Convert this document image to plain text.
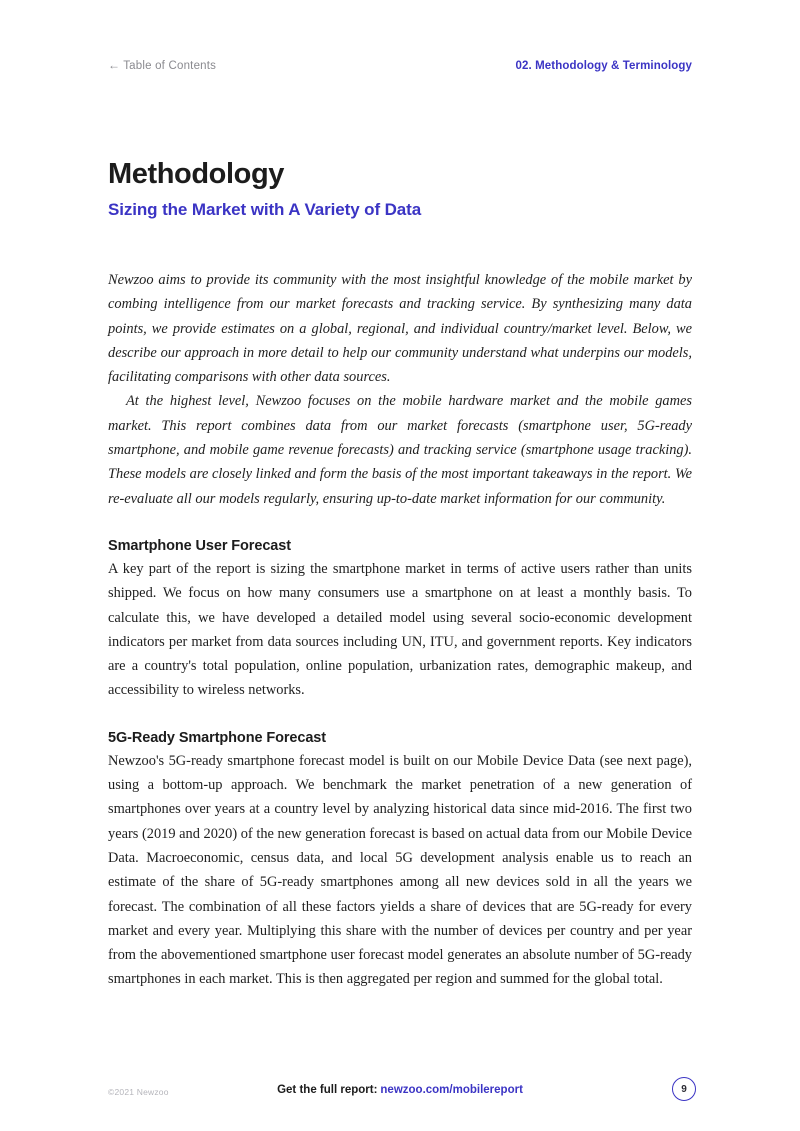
← Table of Contents	02. Methodology & Terminology
Methodology
Sizing the Market with A Variety of Data

Newzoo aims to provide its community with the most insightful knowledge of the mobile market by combing intelligence from our market forecasts and tracking service. By synthesizing many data points, we provide estimates on a global, regional, and individual country/market level. Below, we describe our approach in more detail to help our community understand what underpins our models, facilitating comparisons with other data sources.

At the highest level, Newzoo focuses on the mobile hardware market and the mobile games market. This report combines data from our market forecasts (smartphone user, 5G-ready smartphone, and mobile game revenue forecasts) and tracking service (smartphone usage tracking). These models are closely linked and form the basis of the most important takeaways in the report. We re-evaluate all our models regularly, ensuring up-to-date market information for our community.

Smartphone User Forecast

A key part of the report is sizing the smartphone market in terms of active users rather than units shipped. We focus on how many consumers use a smartphone on at least a monthly basis. To calculate this, we have developed a detailed model using several socio-economic development indicators per market from data sources including UN, ITU, and government reports. Key indicators are a country's total population, online population, urbanization rates, demographic makeup, and accessibility to wireless networks.

5G-Ready Smartphone Forecast

Newzoo's 5G-ready smartphone forecast model is built on our Mobile Device Data (see next page), using a bottom-up approach. We benchmark the market penetration of a new generation of smartphones over years at a country level by analyzing historical data since mid-2016. The first two years (2019 and 2020) of the new generation forecast is based on actual data from our Mobile Device Data. Macroeconomic, census data, and local 5G development analysis enable us to reach an estimate of the share of 5G-ready smartphones among all new devices sold in all the years we forecast. The combination of all these factors yields a share of devices that are 5G-ready for every market and every year. Multiplying this share with the number of devices per country and per year from the abovementioned smartphone user forecast model generates an absolute number of 5G-ready smartphones in each market. This is then aggregated per region and summed for the global total.

©2021 Newzoo	Get the full report: newzoo.com/mobilereport	9
